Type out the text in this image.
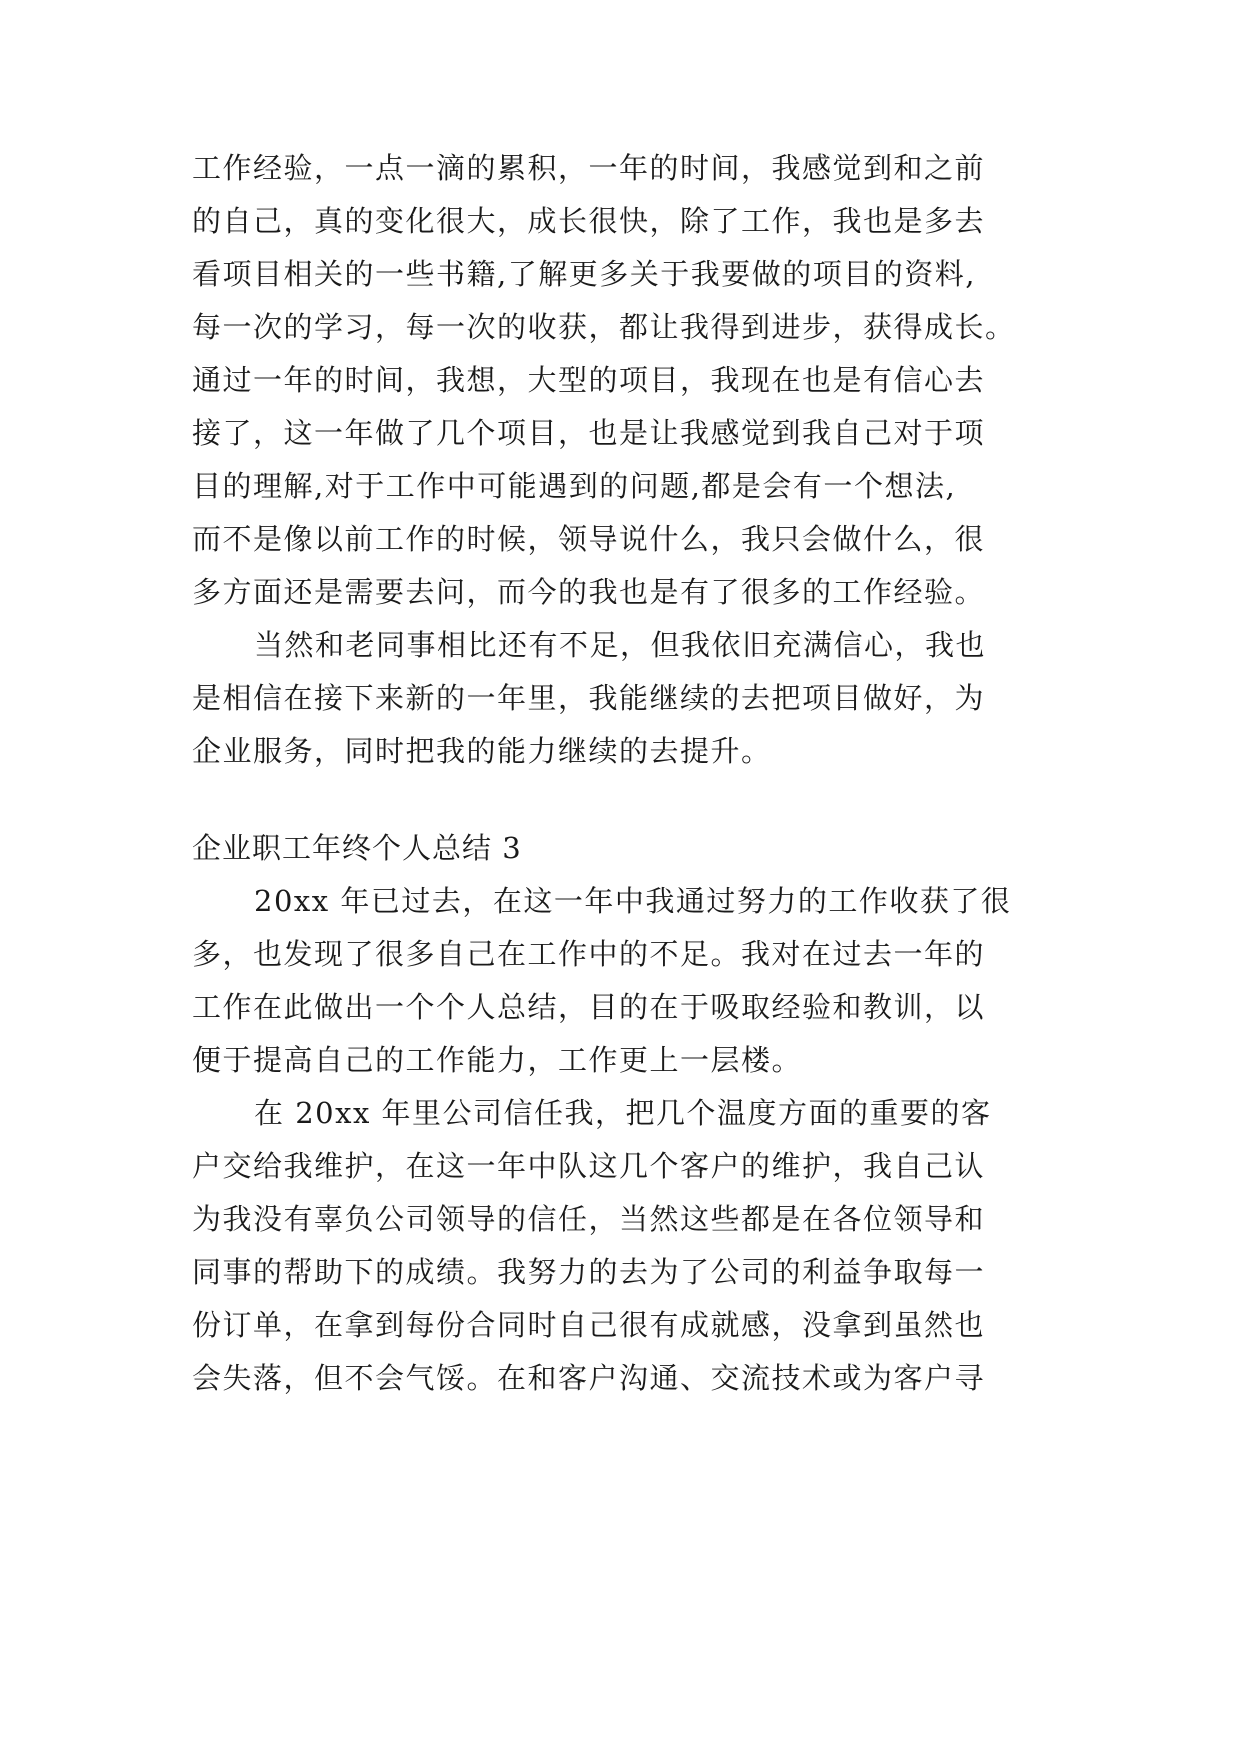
工作经验，一点一滴的累积，一年的时间，我感觉到和之前
的自己，真的变化很大，成长很快，除了工作，我也是多去
看项目相关的一些书籍,了解更多关于我要做的项目的资料,
每一次的学习，每一次的收获，都让我得到进步，获得成长。
通过一年的时间，我想，大型的项目，我现在也是有信心去
接了，这一年做了几个项目，也是让我感觉到我自己对于项
目的理解,对于工作中可能遇到的问题,都是会有一个想法,
而不是像以前工作的时候，领导说什么，我只会做什么，很
多方面还是需要去问，而今的我也是有了很多的工作经验。
当然和老同事相比还有不足，但我依旧充满信心，我也
是相信在接下来新的一年里，我能继续的去把项目做好，为
企业服务，同时把我的能力继续的去提升。
企业职工年终个人总结 3
20xx 年已过去，在这一年中我通过努力的工作收获了很
多，也发现了很多自己在工作中的不足。我对在过去一年的
工作在此做出一个个人总结，目的在于吸取经验和教训，以
便于提高自己的工作能力，工作更上一层楼。
在 20xx 年里公司信任我，把几个温度方面的重要的客
户交给我维护，在这一年中队这几个客户的维护，我自己认
为我没有辜负公司领导的信任，当然这些都是在各位领导和
同事的帮助下的成绩。我努力的去为了公司的利益争取每一
份订单，在拿到每份合同时自己很有成就感，没拿到虽然也
会失落，但不会气馁。在和客户沟通、交流技术或为客户寻
